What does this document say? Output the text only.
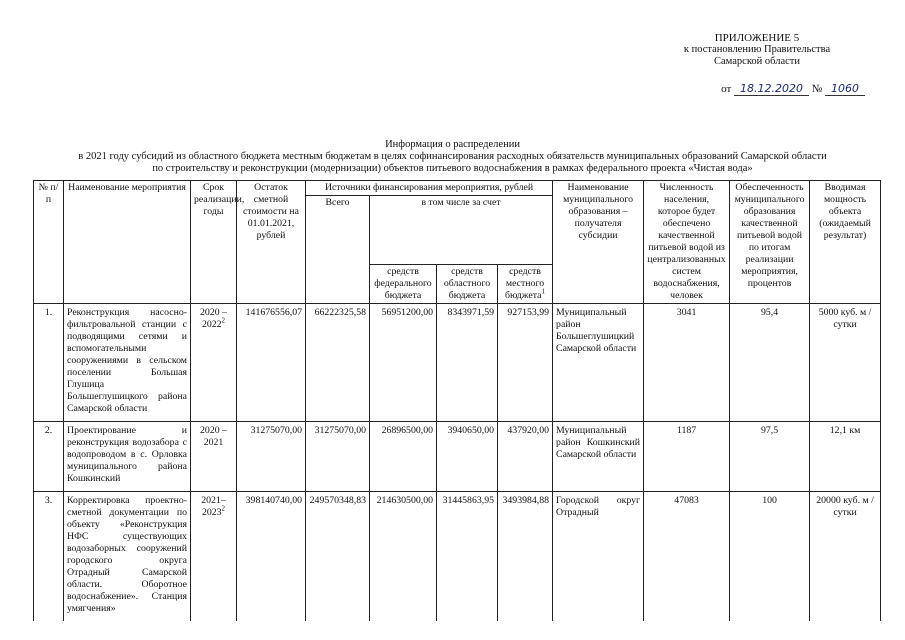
ПРИЛОЖЕНИЕ 5
к постановлению Правительства
Самарской области
от 18.12.2020 № 1060
Информация о распределении
в 2021 году субсидий из областного бюджета местным бюджетам в целях софинансирования расходных обязательств муниципальных образований Самарской области
по строительству и реконструкции (модернизации) объектов питьевого водоснабжения в рамках федерального проекта «Чистая вода»
№ п/п	Наименование мероприятия	Срок реализации, годы	Остаток сметной стоимости на 01.01.2021, рублей	Источники финансирования мероприятия, рублей				Наименование муниципального образования – получателя субсидии	Численность населения, которое будет обеспечено качественной питьевой водой из централизованных систем водоснабжения, человек	Обеспеченность муниципального образования качественной питьевой водой по итогам реализации мероприятия, процентов	Вводимая мощность объекта (ожидаемый результат)
				Всего	в том числе за счет						
					средств федерального бюджета	средств областного бюджета	средств местного бюджета$^1$
1.	Реконструкция насосно-фильтровальной станции с подводящими сетями и вспомогательными сооружениями в сельском поселении Большая Глушица Большеглушицкого района Самарской области	2020 – 2022$^2$	141676556,07	66222325,58	56951200,00	8343971,59	927153,99	Муниципальный район Большеглушицкий Самарской области	3041	95,4	5000 куб. м / сутки
2.	Проектирование и реконструкция водозабора с водопроводом в с. Орловка муниципального района Кошкинский	2020 – 2021	31275070,00	31275070,00	26896500,00	3940650,00	437920,00	Муниципальный район Кошкинский Самарской области	1187	97,5	12,1 км
3.	Корректировка проектно-сметной документации по объекту «Реконструкция НФС существующих водозаборных сооружений городского округа Отрадный Самарской области. Оборотное водоснабжение». Станция умягчения»	2021– 2023$^2$	398140740,00	249570348,83	214630500,00	31445863,95	3493984,88	Городской округ Отрадный	47083	100	20000 куб. м / сутки
